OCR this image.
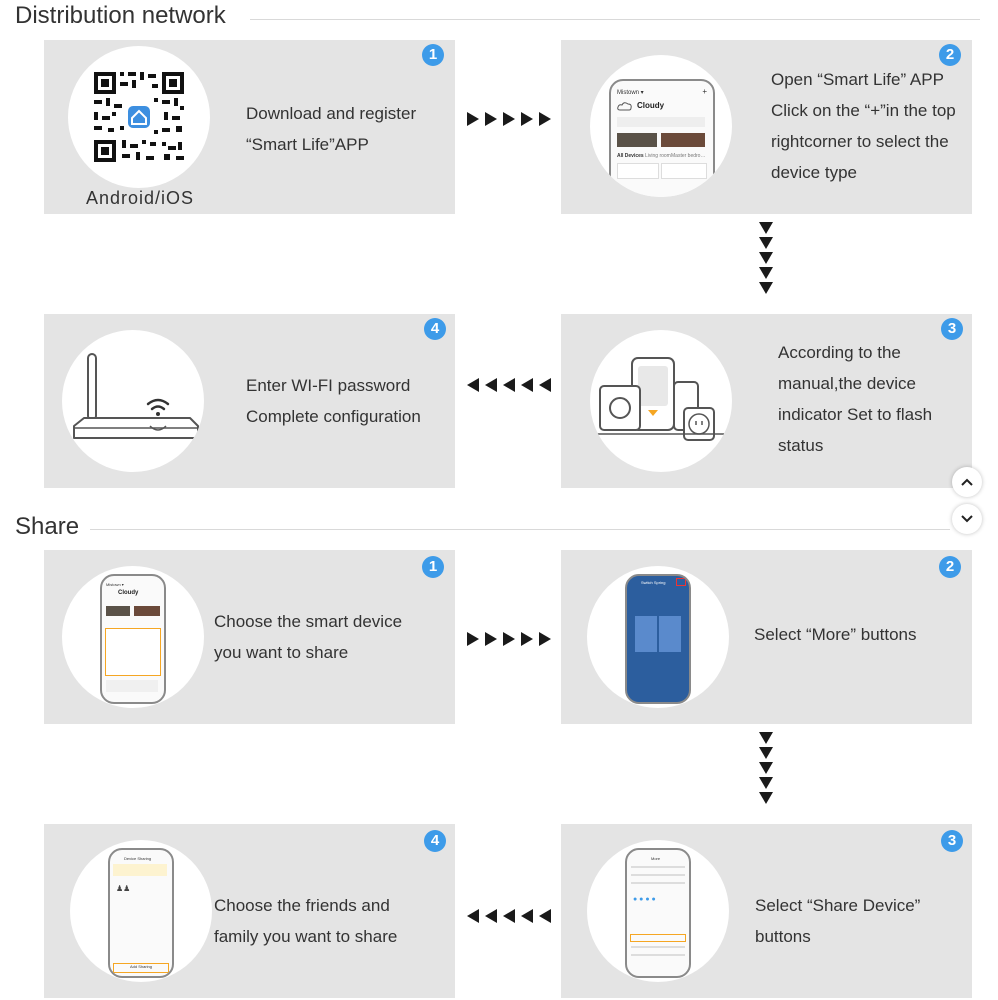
Distribution network
Android/iOS
Download and register
“Smart Life”APP
1
Mistown ▾	+
Cloudy
All Devices Living room Master bedro…
Open “Smart Life” APP
Click on the “+”in the top
rightcorner to select the
device type
2
Enter WI-FI password
Complete configuration
4
According to the
manual,the device
indicator Set to flash
status
3
Share
Mistown ▾
Cloudy
Choose the smart device
you want to share
1
Switch Spring
Select “More” buttons
2
Device Sharing
♟♟
Add Sharing
Choose the friends and
family you want to share
4
More
● ● ● ●	Select “Share Device”
buttons
3
